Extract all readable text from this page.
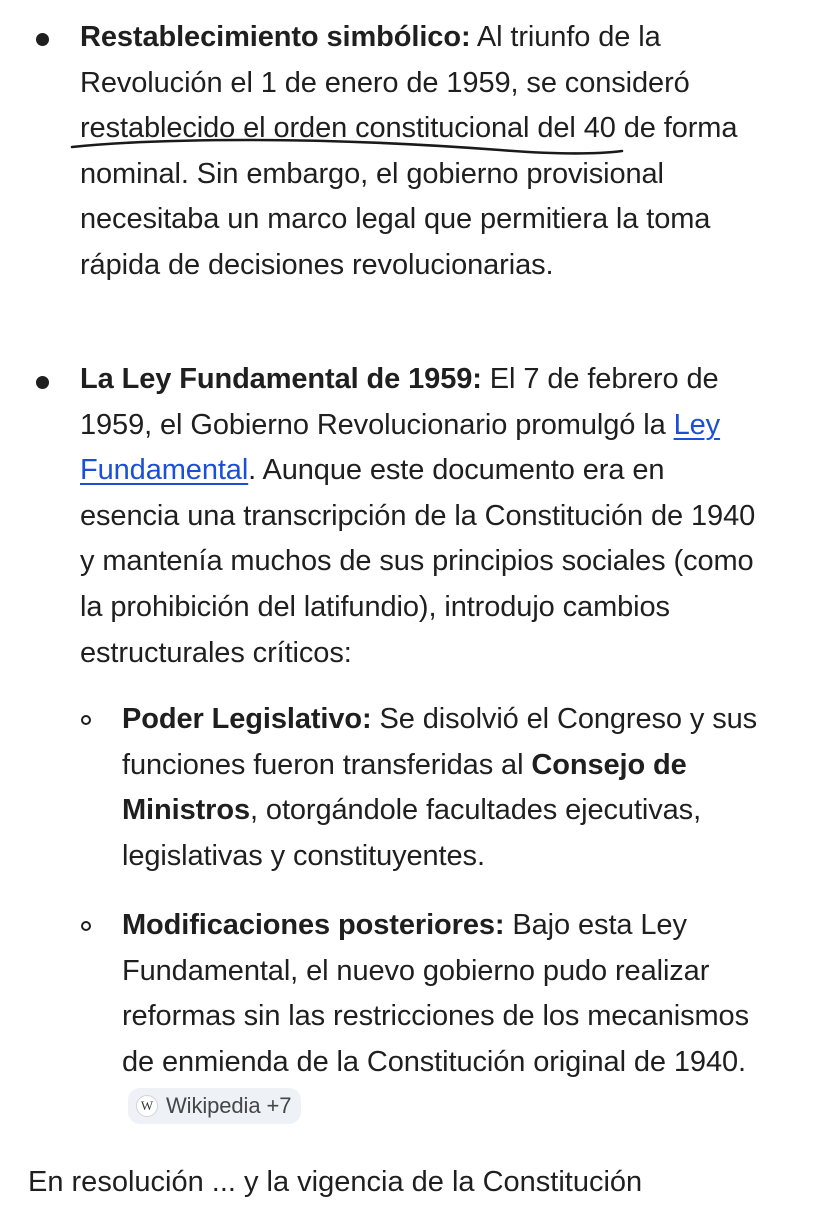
Restablecimiento simbólico: Al triunfo de la
Revolución el 1 de enero de 1959, se consideró restablecido el orden constitucional del 40 de forma nominal. Sin embargo, el gobierno provisional necesitaba un marco legal que permitiera la toma rápida de decisiones revolucionarias.
La Ley Fundamental de 1959: El 7 de febrero de 1959, el Gobierno Revolucionario promulgó la Ley Fundamental. Aunque este documento era en esencia una transcripción de la Constitución de 1940 y mantenía muchos de sus principios sociales (como la prohibición del latifundio), introdujo cambios estructurales críticos:
Poder Legislativo: Se disolvió el Congreso y sus funciones fueron transferidas al Consejo de Ministros, otorgándole facultades ejecutivas, legislativas y constituyentes.
Modificaciones posteriores: Bajo esta Ley Fundamental, el nuevo gobierno pudo realizar reformas sin las restricciones de los mecanismos de enmienda de la Constitución original de 1940.
W Wikipedia +7
En resolución ... y la vigencia de la Constitución
